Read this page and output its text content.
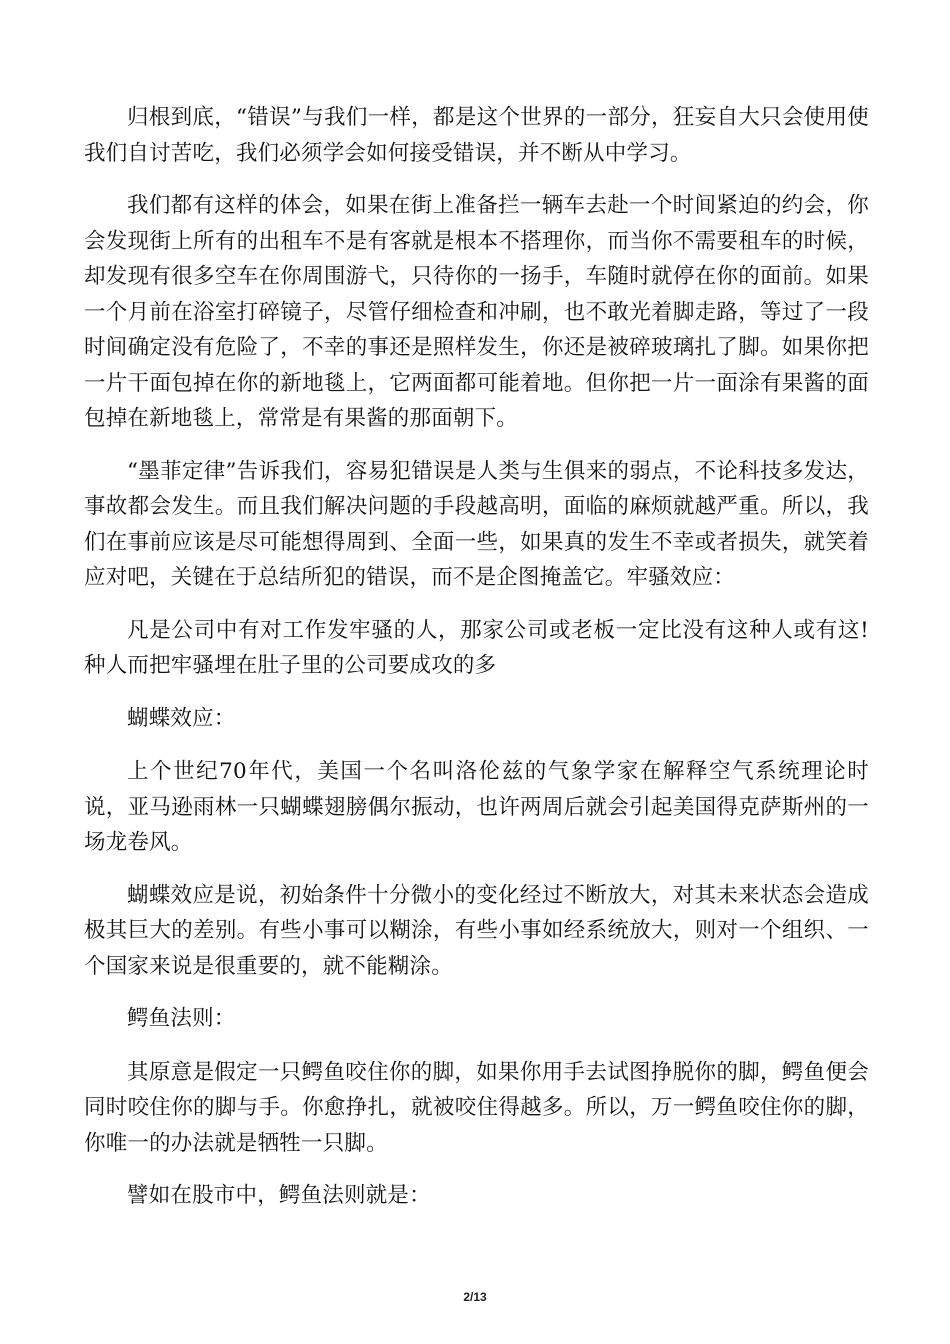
归根到底，“错误”与我们一样，都是这个世界的一部分，狂妄自大只会使用使我们自讨苦吃，我们必须学会如何接受错误，并不断从中学习。

我们都有这样的体会，如果在街上准备拦一辆车去赴一个时间紧迫的约会，你会发现街上所有的出租车不是有客就是根本不搭理你，而当你不需要租车的时候，却发现有很多空车在你周围游弋，只待你的一扬手，车随时就停在你的面前。如果一个月前在浴室打碎镜子，尽管仔细检查和冲刷，也不敢光着脚走路，等过了一段时间确定没有危险了，不幸的事还是照样发生，你还是被碎玻璃扎了脚。如果你把一片干面包掉在你的新地毯上，它两面都可能着地。但你把一片一面涂有果酱的面包掉在新地毯上，常常是有果酱的那面朝下。

“墨菲定律”告诉我们，容易犯错误是人类与生俱来的弱点，不论科技多发达，事故都会发生。而且我们解决问题的手段越高明，面临的麻烦就越严重。所以，我们在事前应该是尽可能想得周到、全面一些，如果真的发生不幸或者损失，就笑着应对吧，关键在于总结所犯的错误，而不是企图掩盖它。牢骚效应：

凡是公司中有对工作发牢骚的人，那家公司或老板一定比没有这种人或有这!种人而把牢骚埋在肚子里的公司要成攻的多

蝴蝶效应：

上个世纪70年代，美国一个名叫洛伦兹的气象学家在解释空气系统理论时说，亚马逊雨林一只蝴蝶翅膀偶尔振动，也许两周后就会引起美国得克萨斯州的一场龙卷风。

蝴蝶效应是说，初始条件十分微小的变化经过不断放大，对其未来状态会造成极其巨大的差别。有些小事可以糊涂，有些小事如经系统放大，则对一个组织、一个国家来说是很重要的，就不能糊涂。

鳄鱼法则：

其原意是假定一只鳄鱼咬住你的脚，如果你用手去试图挣脱你的脚，鳄鱼便会同时咬住你的脚与手。你愈挣扎，就被咬住得越多。所以，万一鳄鱼咬住你的脚，你唯一的办法就是牺牲一只脚。

譬如在股市中，鳄鱼法则就是：

2/13
